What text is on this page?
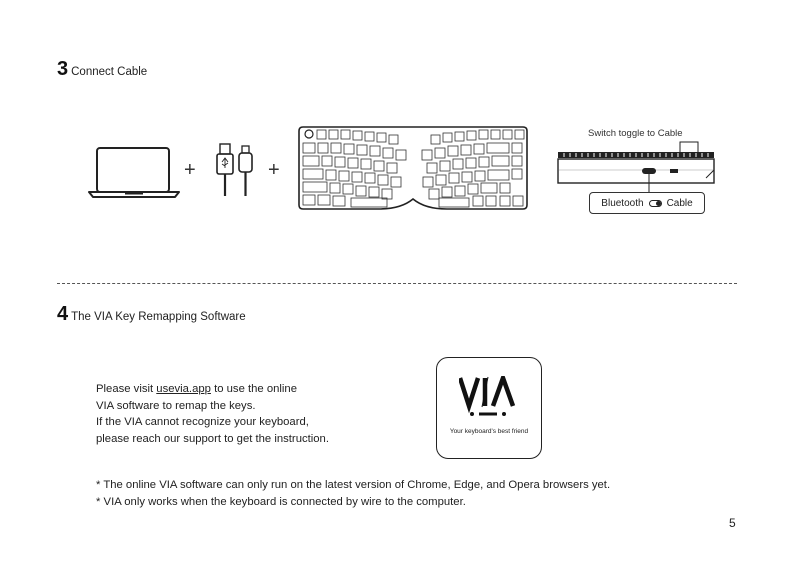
3 Connect Cable
+	+
Switch toggle to Cable
Bluetooth Cable
4 The VIA Key Remapping Software
Please visit usevia.app to use the online
VIA software to remap the keys.
If the VIA cannot recognize your keyboard,
please reach our support to get the instruction.
VIA
Your keyboard's best friend
* The online VIA software can only run on the latest version of Chrome, Edge, and Opera browsers yet.
* VIA only works when the keyboard is connected by wire to the computer.
5
